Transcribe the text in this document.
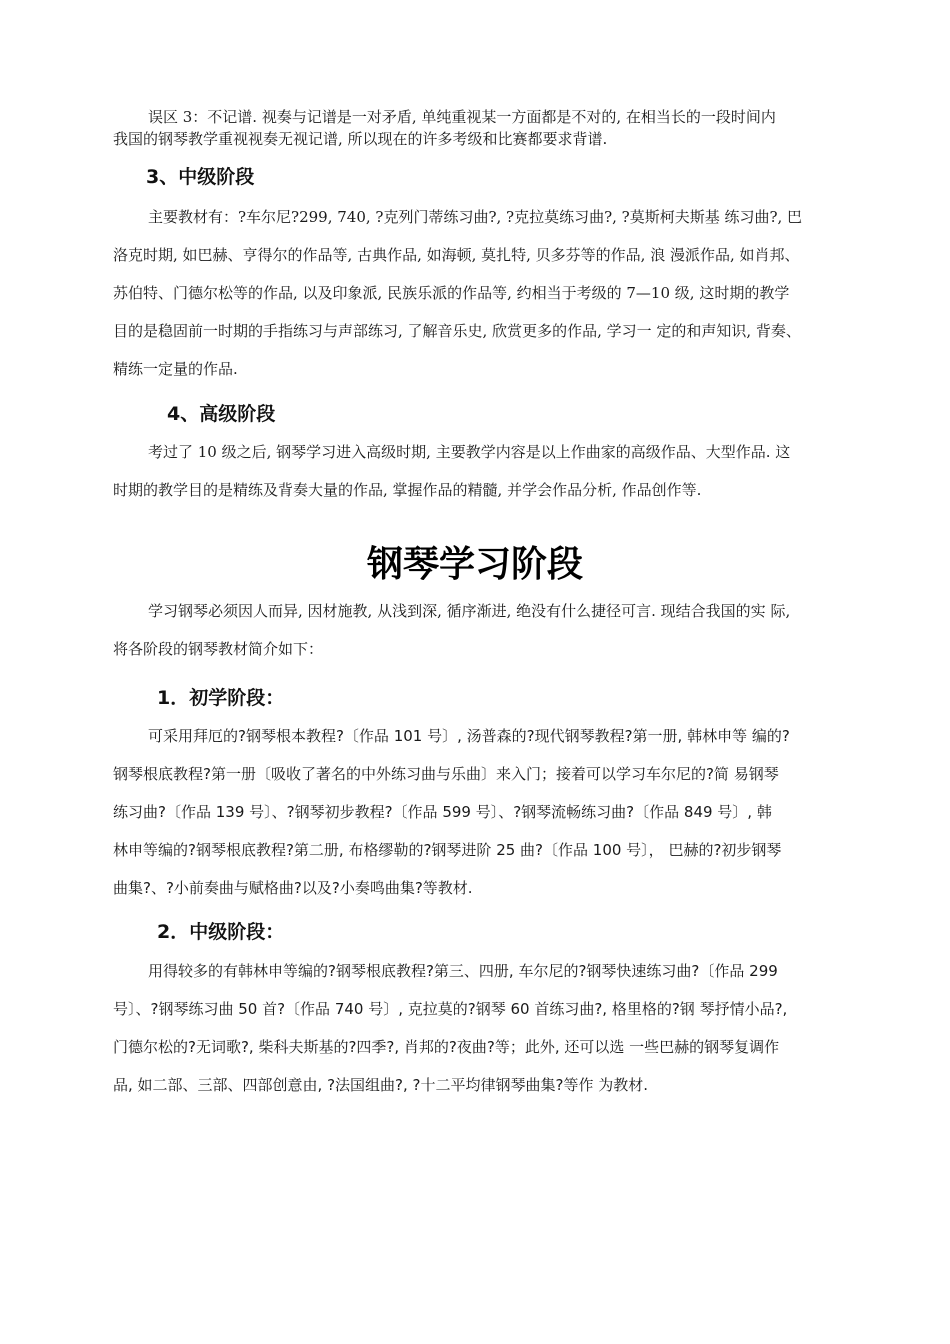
误区 3：不记谱. 视奏与记谱是一对矛盾, 单纯重视某一方面都是不对的, 在相当长的一段时间内
我国的钢琴教学重视视奏无视记谱, 所以现在的许多考级和比赛都要求背谱.
3、中级阶段
主要教材有：?车尔尼?299, 740, ?克列门蒂练习曲?, ?克拉莫练习曲?, ?莫斯柯夫斯基 练习曲?, 巴
洛克时期, 如巴赫、亨得尔的作品等, 古典作品, 如海顿, 莫扎特, 贝多芬等的作品, 浪 漫派作品, 如肖邦、
苏伯特、门德尔松等的作品, 以及印象派, 民族乐派的作品等, 约相当于考级的 7—10 级, 这时期的教学
目的是稳固前一时期的手指练习与声部练习, 了解音乐史, 欣赏更多的作品, 学习一 定的和声知识, 背奏、
精练一定量的作品.
4、高级阶段
考过了 10 级之后, 钢琴学习进入高级时期, 主要教学内容是以上作曲家的高级作品、大型作品. 这
时期的教学目的是精练及背奏大量的作品, 掌握作品的精髓, 并学会作品分析, 作品创作等.
钢琴学习阶段
学习钢琴必须因人而异, 因材施教, 从浅到深, 循序渐进, 绝没有什么捷径可言. 现结合我国的实 际,
将各阶段的钢琴教材简介如下：
1．初学阶段：
可采用拜厄的?钢琴根本教程?〔作品 101 号〕, 汤普森的?现代钢琴教程?第一册, 韩林申等 编的?
钢琴根底教程?第一册〔吸收了著名的中外练习曲与乐曲〕来入门；接着可以学习车尔尼的?简 易钢琴
练习曲?〔作品 139 号〕、?钢琴初步教程?〔作品 599 号〕、?钢琴流畅练习曲?〔作品 849 号〕, 韩
林申等编的?钢琴根底教程?第二册, 布格缪勒的?钢琴进阶 25 曲?〔作品 100 号〕， 巴赫的?初步钢琴
曲集?、?小前奏曲与赋格曲?以及?小奏鸣曲集?等教材.
2．中级阶段：
用得较多的有韩林申等编的?钢琴根底教程?第三、四册, 车尔尼的?钢琴快速练习曲?〔作品 299
号〕、?钢琴练习曲 50 首?〔作品 740 号〕, 克拉莫的?钢琴 60 首练习曲?, 格里格的?钢 琴抒情小品?,
门德尔松的?无词歌?, 柴科夫斯基的?四季?, 肖邦的?夜曲?等；此外, 还可以选 一些巴赫的钢琴复调作
品, 如二部、三部、四部创意由, ?法国组曲?, ?十二平均律钢琴曲集?等作 为教材.
